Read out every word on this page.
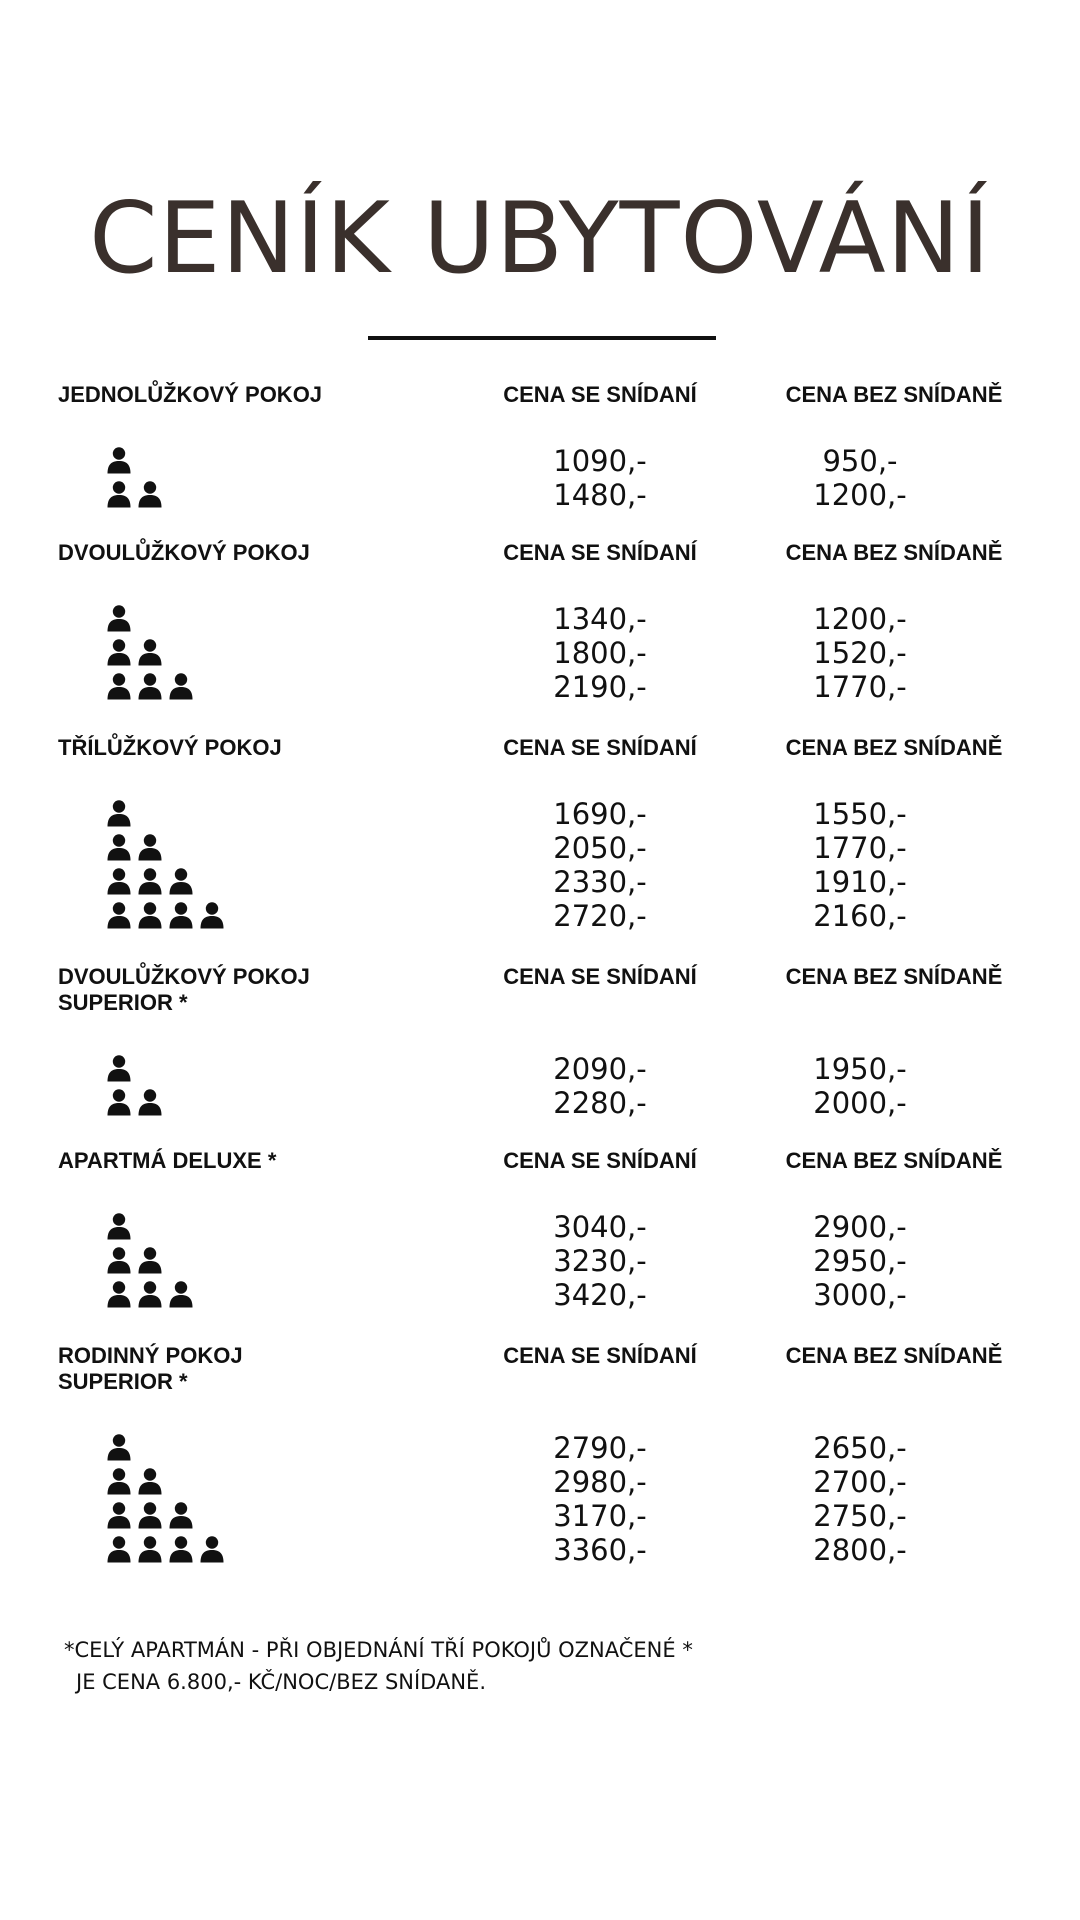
CENÍK UBYTOVÁNÍ
JEDNOLŮŽKOVÝ POKOJ	CENA SE SNÍDANÍ	CENA BEZ SNÍDANĚ
1090,-	950,-
1480,-	1200,-
DVOULŮŽKOVÝ POKOJ	CENA SE SNÍDANÍ	CENA BEZ SNÍDANĚ
1340,-	1200,-
1800,-	1520,-
2190,-	1770,-
TŘÍLŮŽKOVÝ POKOJ	CENA SE SNÍDANÍ	CENA BEZ SNÍDANĚ
1690,-	1550,-
2050,-	1770,-
2330,-	1910,-
2720,-	2160,-
DVOULŮŽKOVÝ POKOJ
SUPERIOR *
CENA SE SNÍDANÍ	CENA BEZ SNÍDANĚ
2090,-	1950,-
2280,-	2000,-
APARTMÁ DELUXE *	CENA SE SNÍDANÍ	CENA BEZ SNÍDANĚ
3040,-	2900,-
3230,-	2950,-
3420,-	3000,-
RODINNÝ POKOJ
SUPERIOR *
CENA SE SNÍDANÍ	CENA BEZ SNÍDANĚ
2790,-	2650,-
2980,-	2700,-
3170,-	2750,-
3360,-	2800,-
*CELÝ APARTMÁN - PŘI OBJEDNÁNÍ TŘÍ POKOJŮ OZNAČENÉ *
JE CENA 6.800,- KČ/NOC/BEZ SNÍDANĚ.
